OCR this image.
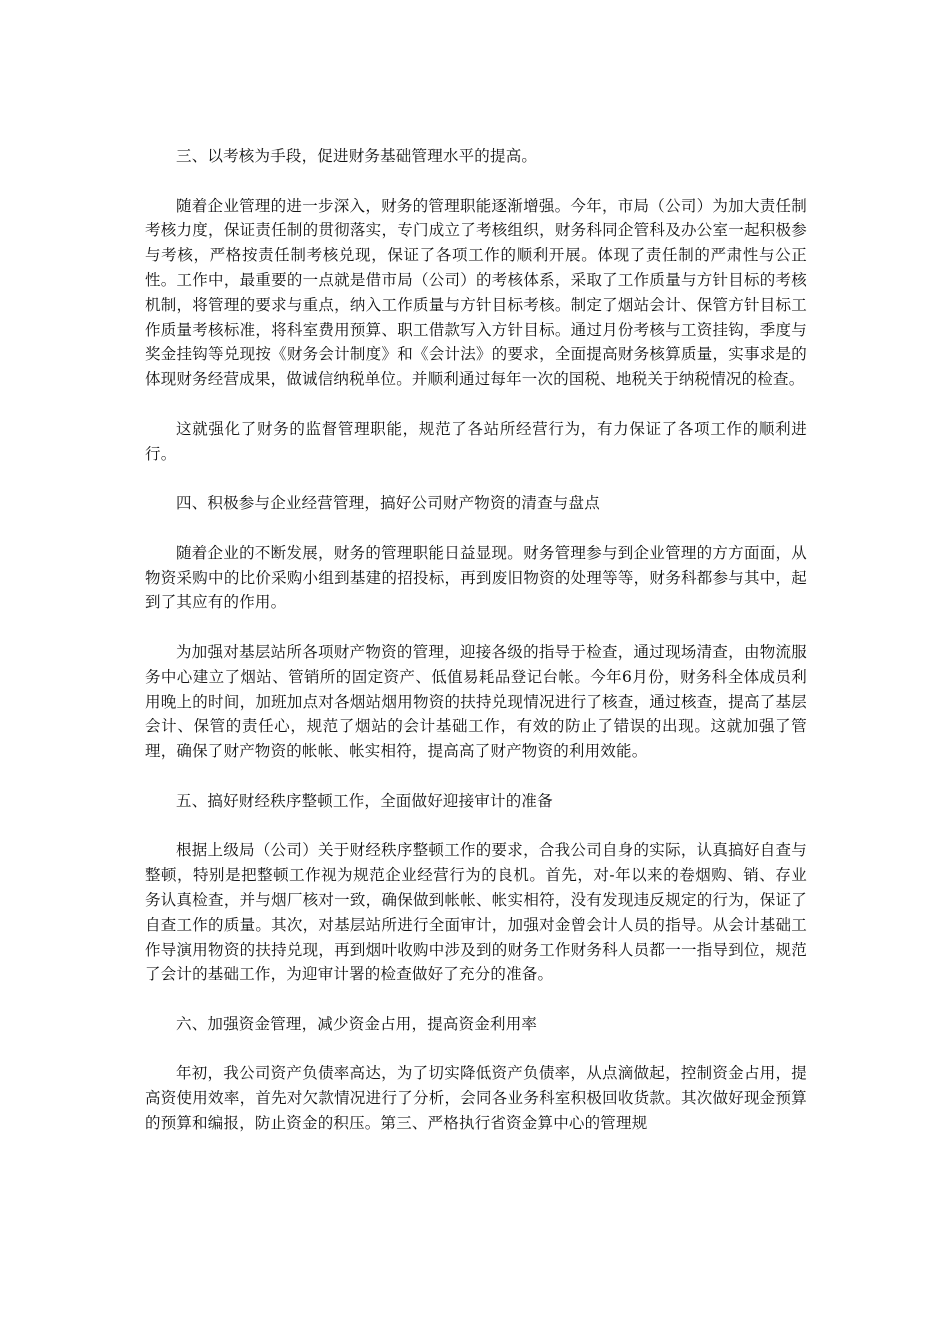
三、以考核为手段，促进财务基础管理水平的提高。

随着企业管理的进一步深入，财务的管理职能逐渐增强。今年，市局（公司）为加大责任制考核力度，保证责任制的贯彻落实，专门成立了考核组织，财务科同企管科及办公室一起积极参与考核，严格按责任制考核兑现，保证了各项工作的顺利开展。体现了责任制的严肃性与公正性。工作中，最重要的一点就是借市局（公司）的考核体系，采取了工作质量与方针目标的考核机制，将管理的要求与重点，纳入工作质量与方针目标考核。制定了烟站会计、保管方针目标工作质量考核标准，将科室费用预算、职工借款写入方针目标。通过月份考核与工资挂钩，季度与奖金挂钩等兑现按《财务会计制度》和《会计法》的要求，全面提高财务核算质量，实事求是的体现财务经营成果，做诚信纳税单位。并顺利通过每年一次的国税、地税关于纳税情况的检查。

这就强化了财务的监督管理职能，规范了各站所经营行为，有力保证了各项工作的顺利进行。

四、积极参与企业经营管理，搞好公司财产物资的清查与盘点

随着企业的不断发展，财务的管理职能日益显现。财务管理参与到企业管理的方方面面，从物资采购中的比价采购小组到基建的招投标，再到废旧物资的处理等等，财务科都参与其中，起到了其应有的作用。

为加强对基层站所各项财产物资的管理，迎接各级的指导于检查，通过现场清查，由物流服务中心建立了烟站、管销所的固定资产、低值易耗品登记台帐。今年6月份，财务科全体成员利用晚上的时间，加班加点对各烟站烟用物资的扶持兑现情况进行了核查，通过核查，提高了基层会计、保管的责任心，规范了烟站的会计基础工作，有效的防止了错误的出现。这就加强了管理，确保了财产物资的帐帐、帐实相符，提高高了财产物资的利用效能。

五、搞好财经秩序整顿工作，全面做好迎接审计的准备

根据上级局（公司）关于财经秩序整顿工作的要求，合我公司自身的实际，认真搞好自查与整顿，特别是把整顿工作视为规范企业经营行为的良机。首先，对-年以来的卷烟购、销、存业务认真检查，并与烟厂核对一致，确保做到帐帐、帐实相符，没有发现违反规定的行为，保证了自查工作的质量。其次，对基层站所进行全面审计，加强对金曾会计人员的指导。从会计基础工作导演用物资的扶持兑现，再到烟叶收购中涉及到的财务工作财务科人员都一一指导到位，规范了会计的基础工作，为迎审计署的检查做好了充分的准备。

六、加强资金管理，减少资金占用，提高资金利用率

年初，我公司资产负债率高达，为了切实降低资产负债率，从点滴做起，控制资金占用，提高资使用效率，首先对欠款情况进行了分析，会同各业务科室积极回收货款。其次做好现金预算的预算和编报，防止资金的积压。第三、严格执行省资金算中心的管理规
